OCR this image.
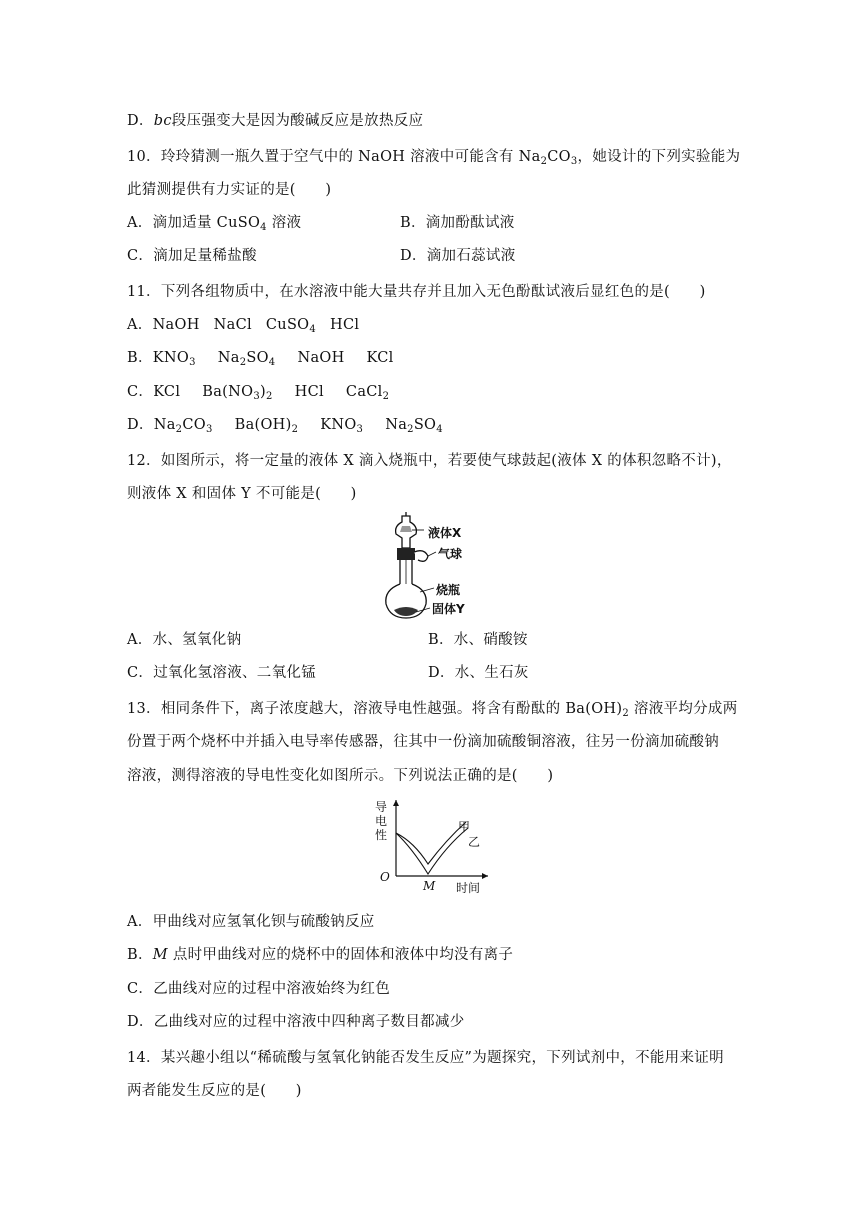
D．bc段压强变大是因为酸碱反应是放热反应
10．玲玲猜测一瓶久置于空气中的 NaOH 溶液中可能含有 $Na_2CO_3$，她设计的下列实验能为
此猜测提供有力实证的是(　　)
A．滴加适量 CuSO$_4$ 溶液	B．滴加酚酞试液
C．滴加足量稀盐酸	D．滴加石蕊试液
11．下列各组物质中，在水溶液中能大量共存并且加入无色酚酞试液后显红色的是(　　)
A．NaOH NaCl CuSO$_4$ HCl
B．$KNO_3$ $Na_2SO_4$ NaOH KCl
C．KCl $Ba(NO_3)_2$ HCl CaCl$_2$
D．$Na_2CO_3$ $Ba(OH)_2$ $KNO_3$ $Na_2SO_4$
12．如图所示，将一定量的液体 X 滴入烧瓶中，若要使气球鼓起(液体 X 的体积忽略不计)，
则液体 X 和固体 Y 不可能是(　　)
液体X
气球
烧瓶
固体Y
A．水、氢氧化钠	B．水、硝酸铵
C．过氧化氢溶液、二氧化锰	D．水、生石灰
13．相同条件下，离子浓度越大，溶液导电性越强。将含有酚酞的 $Ba(OH)_2$ 溶液平均分成两
份置于两个烧杯中并插入电导率传感器，往其中一份滴加硫酸铜溶液，往另一份滴加硫酸钠
溶液，测得溶液的导电性变化如图所示。下列说法正确的是(　　)
导
电
性
O
M 时间
甲
乙
A．甲曲线对应氢氧化钡与硫酸钠反应
B．M 点时甲曲线对应的烧杯中的固体和液体中均没有离子
C．乙曲线对应的过程中溶液始终为红色
D．乙曲线对应的过程中溶液中四种离子数目都减少
14．某兴趣小组以“稀硫酸与氢氧化钠能否发生反应”为题探究，下列试剂中，不能用来证明
两者能发生反应的是(　　)
